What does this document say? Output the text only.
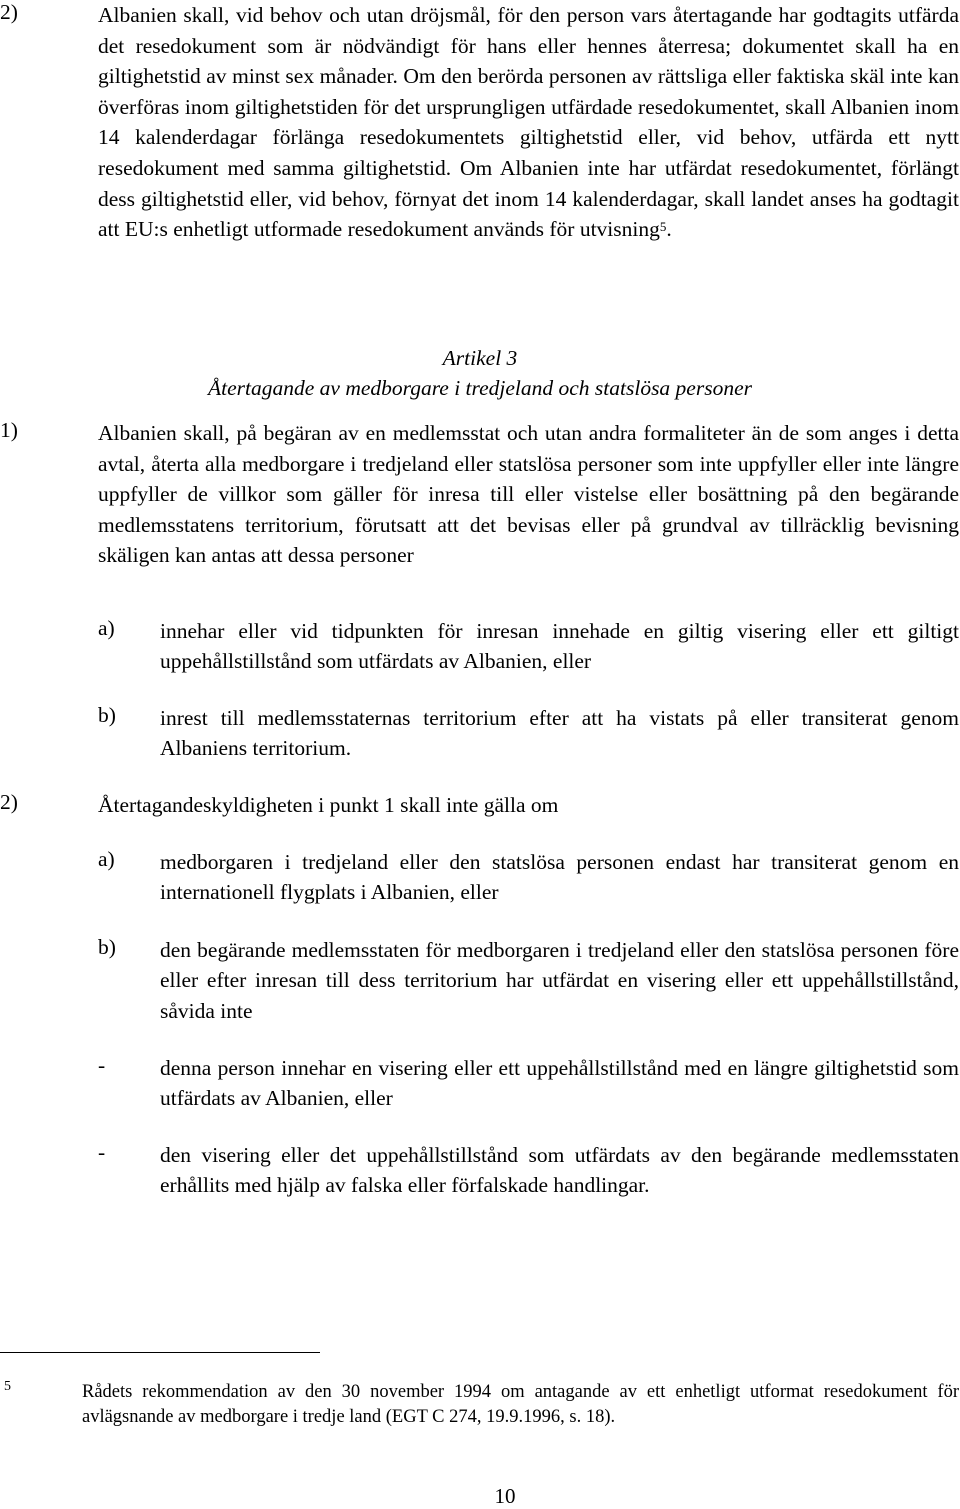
2)	Albanien skall, vid behov och utan dröjsmål, för den person vars återtagande har godtagits utfärda det resedokument som är nödvändigt för hans eller hennes återresa; dokumentet skall ha en giltighetstid av minst sex månader. Om den berörda personen av rättsliga eller faktiska skäl inte kan överföras inom giltighetstiden för det ursprungligen utfärdade resedokumentet, skall Albanien inom 14 kalenderdagar förlänga resedokumentets giltighetstid eller, vid behov, utfärda ett nytt resedokument med samma giltighetstid. Om Albanien inte har utfärdat resedokumentet, förlängt dess giltighetstid eller, vid behov, förnyat det inom 14 kalenderdagar, skall landet anses ha godtagit att EU:s enhetligt utformade resedokument används för utvisning$^5$.
Artikel 3
Återtagande av medborgare i tredjeland och statslösa personer
1)	Albanien skall, på begäran av en medlemsstat och utan andra formaliteter än de som anges i detta avtal, återta alla medborgare i tredjeland eller statslösa personer som inte uppfyller eller inte längre uppfyller de villkor som gäller för inresa till eller vistelse eller bosättning på den begärande medlemsstatens territorium, förutsatt att det bevisas eller på grundval av tillräcklig bevisning skäligen kan antas att dessa personer
a)	innehar eller vid tidpunkten för inresan innehade en giltig visering eller ett giltigt uppehållstillstånd som utfärdats av Albanien, eller
b)	inrest till medlemsstaternas territorium efter att ha vistats på eller transiterat genom Albaniens territorium.
2)	Återtagandeskyldigheten i punkt 1 skall inte gälla om
a)	medborgaren i tredjeland eller den statslösa personen endast har transiterat genom en internationell flygplats i Albanien, eller
b)	den begärande medlemsstaten för medborgaren i tredjeland eller den statslösa personen före eller efter inresan till dess territorium har utfärdat en visering eller ett uppehållstillstånd, såvida inte
-	denna person innehar en visering eller ett uppehållstillstånd med en längre giltighetstid som utfärdats av Albanien, eller
-	den visering eller det uppehållstillstånd som utfärdats av den begärande medlemsstaten erhållits med hjälp av falska eller förfalskade handlingar.
5	Rådets rekommendation av den 30 november 1994 om antagande av ett enhetligt utformat resedokument för avlägsnande av medborgare i tredje land (EGT C 274, 19.9.1996, s. 18).
10
